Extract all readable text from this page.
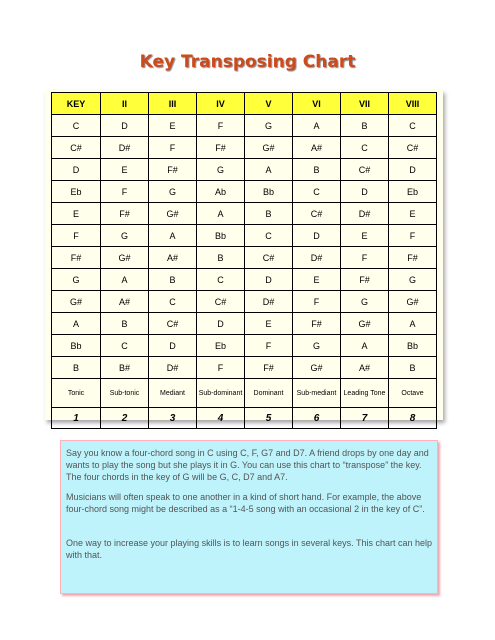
Key Transposing Chart
KEY	II	III	IV	V	VI	VII	VIII
C	D	E	F	G	A	B	C
C#	D#	F	F#	G#	A#	C	C#
D	E	F#	G	A	B	C#	D
Eb	F	G	Ab	Bb	C	D	Eb
E	F#	G#	A	B	C#	D#	E
F	G	A	Bb	C	D	E	F
F#	G#	A#	B	C#	D#	F	F#
G	A	B	C	D	E	F#	G
G#	A#	C	C#	D#	F	G	G#
A	B	C#	D	E	F#	G#	A
Bb	C	D	Eb	F	G	A	Bb
B	B#	D#	F	F#	G#	A#	B
Tonic	Sub-tonic	Mediant	Sub-dominant	Dominant	Sub-mediant	Leading Tone	Octave
1	2	3	4	5	6	7	8

Say you know a four-chord song in C using C, F, G7 and D7. A friend drops by one day and wants to play the song but she plays it in G. You can use this chart to “transpose” the key. The four chords in the key of G will be G, C, D7 and A7.

Musicians will often speak to one another in a kind of short hand. For example, the above four-chord song might be described as a “1-4-5 song with an occasional 2 in the key of C”.

One way to increase your playing skills is to learn songs in several keys. This chart can help with that.
